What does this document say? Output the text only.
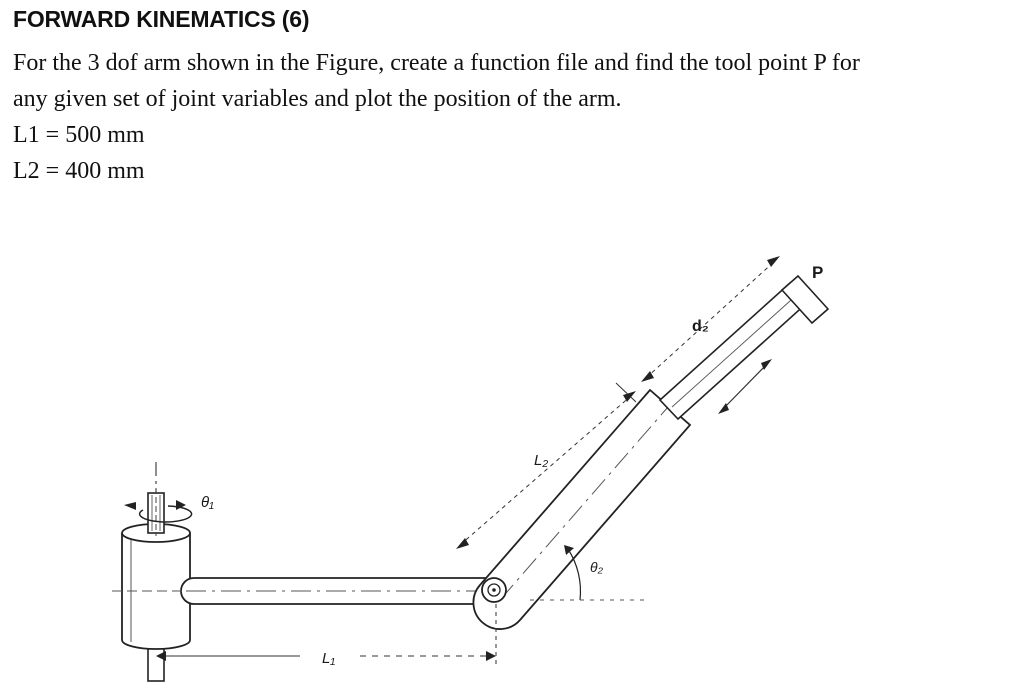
FORWARD KINEMATICS (6)
For the 3 dof arm shown in the Figure, create a function file and find the tool point P for
any given set of joint variables and plot the position of the arm.
L1 = 500 mm
L2 = 400 mm
θ₁
P
d₂
L₂
θ₂
L₁
